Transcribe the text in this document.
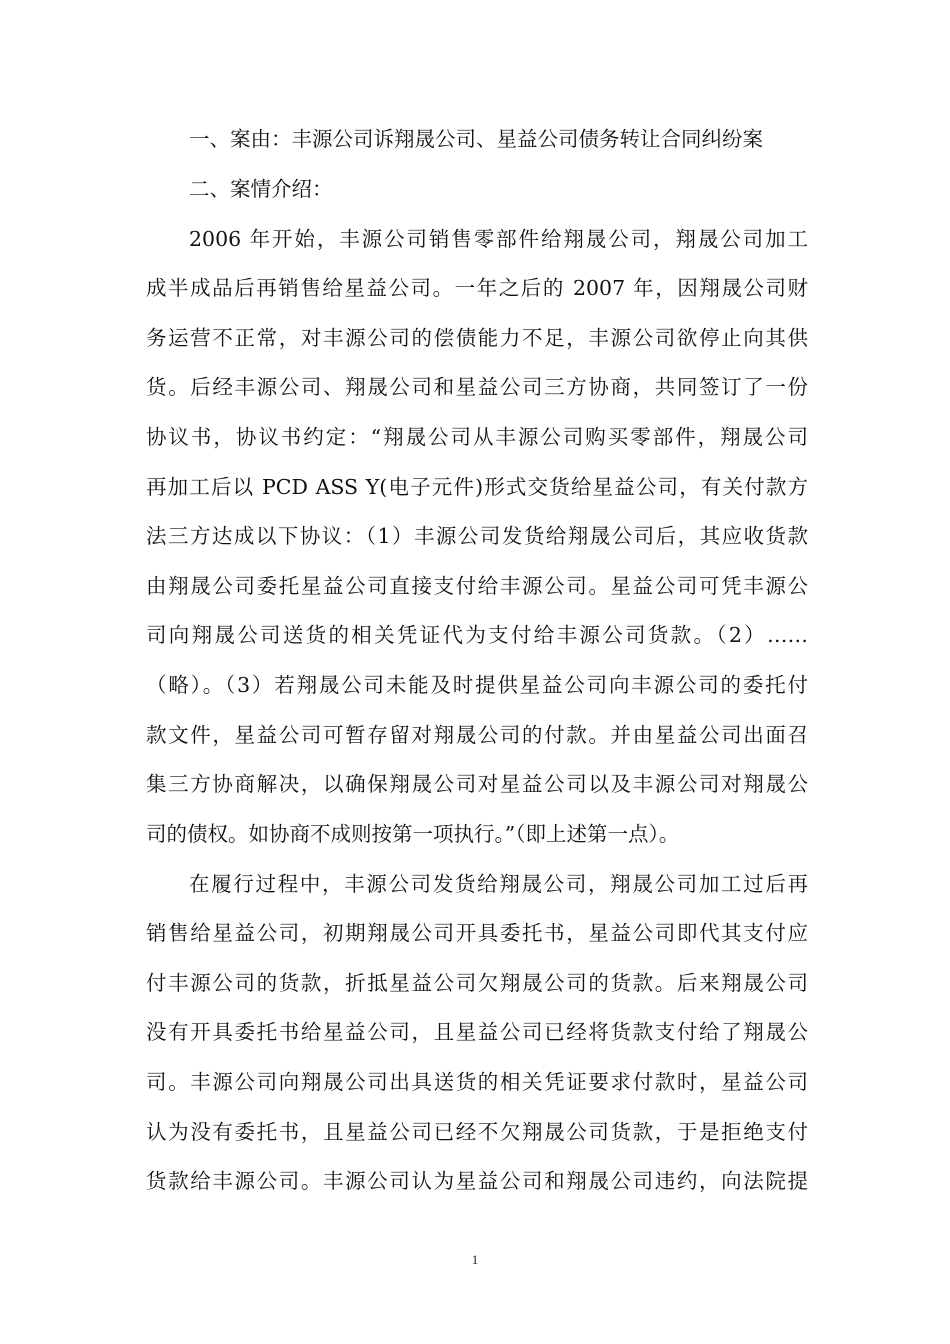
一、案由：丰源公司诉翔晟公司、星益公司债务转让合同纠纷案
二、案情介绍：
2006 年开始，丰源公司销售零部件给翔晟公司，翔晟公司加工
成半成品后再销售给星益公司。一年之后的 2007 年，因翔晟公司财
务运营不正常，对丰源公司的偿债能力不足，丰源公司欲停止向其供
货。后经丰源公司、翔晟公司和星益公司三方协商，共同签订了一份
协议书，协议书约定：“翔晟公司从丰源公司购买零部件，翔晟公司
再加工后以 PCD ASS Y(电子元件)形式交货给星益公司，有关付款方
法三方达成以下协议：（1）丰源公司发货给翔晟公司后，其应收货款
由翔晟公司委托星益公司直接支付给丰源公司。星益公司可凭丰源公
司向翔晟公司送货的相关凭证代为支付给丰源公司货款。（2）……
（略）。（3）若翔晟公司未能及时提供星益公司向丰源公司的委托付
款文件，星益公司可暂存留对翔晟公司的付款。并由星益公司出面召
集三方协商解决，以确保翔晟公司对星益公司以及丰源公司对翔晟公
司的债权。如协商不成则按第一项执行。”（即上述第一点）。
在履行过程中，丰源公司发货给翔晟公司，翔晟公司加工过后再
销售给星益公司，初期翔晟公司开具委托书，星益公司即代其支付应
付丰源公司的货款，折抵星益公司欠翔晟公司的货款。后来翔晟公司
没有开具委托书给星益公司，且星益公司已经将货款支付给了翔晟公
司。丰源公司向翔晟公司出具送货的相关凭证要求付款时，星益公司
认为没有委托书，且星益公司已经不欠翔晟公司货款，于是拒绝支付
货款给丰源公司。丰源公司认为星益公司和翔晟公司违约，向法院提
1
